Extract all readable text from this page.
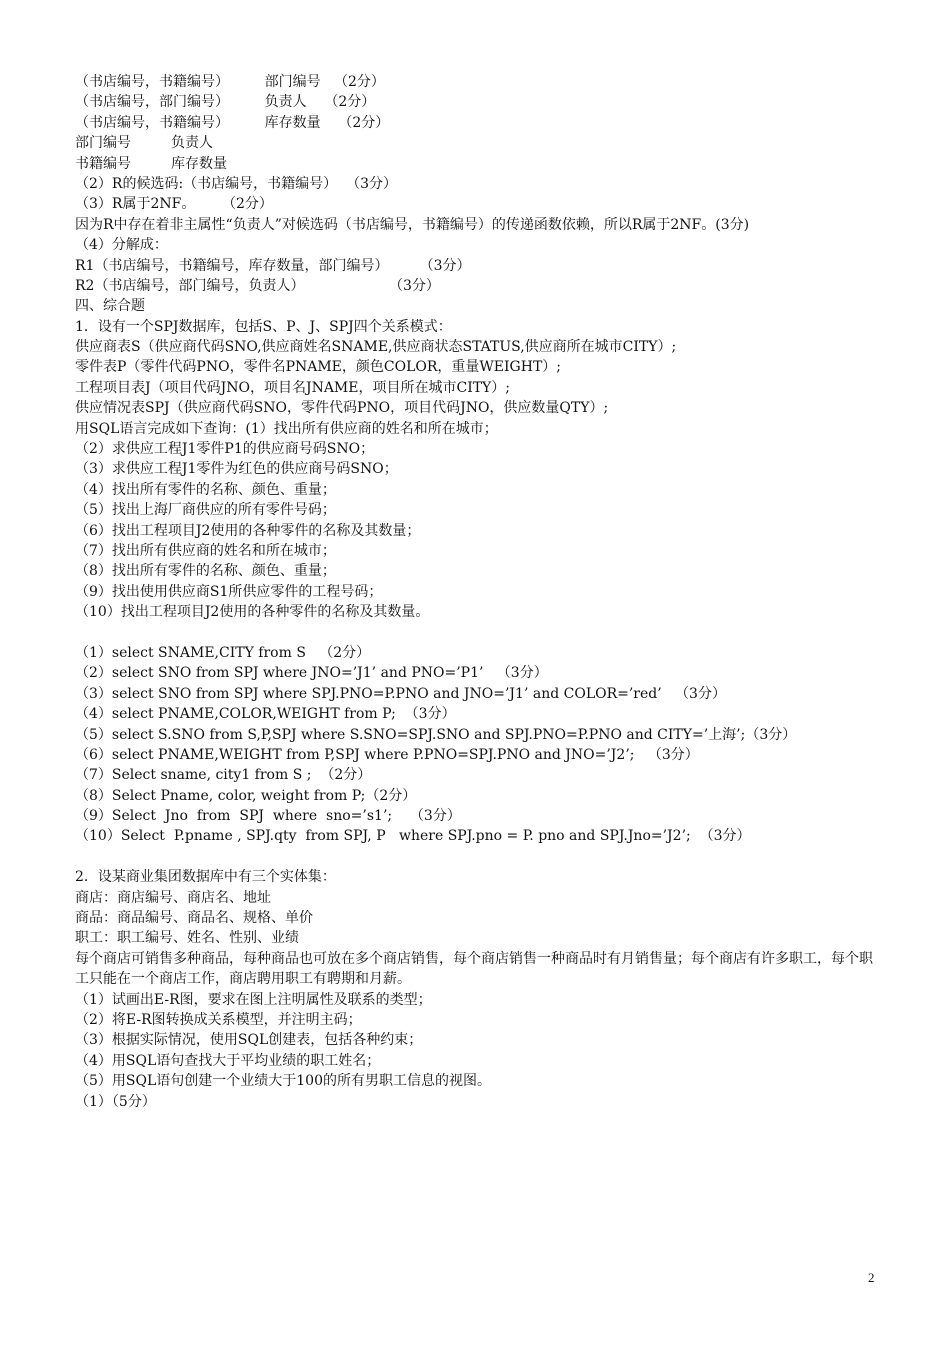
（书店编号，书籍编号）        部门编号   （2分）
（书店编号，部门编号）        负责人    （2分）
（书店编号，书籍编号）        库存数量    （2分）
部门编号         负责人
书籍编号         库存数量
（2）R的候选码:（书店编号，书籍编号）  （3分）
（3）R属于2NF。      （2分）
因为R中存在着非主属性“负责人”对候选码（书店编号，书籍编号）的传递函数依赖，所以R属于2NF。(3分)
（4）分解成：
R1（书店编号，书籍编号，库存数量，部门编号）       （3分）
R2（书店编号，部门编号，负责人）                   （3分）
四、综合题
1．设有一个SPJ数据库，包括S、P、J、SPJ四个关系模式：
供应商表S（供应商代码SNO,供应商姓名SNAME,供应商状态STATUS,供应商所在城市CITY）;
零件表P（零件代码PNO，零件名PNAME，颜色COLOR，重量WEIGHT）;
工程项目表J（项目代码JNO，项目名JNAME，项目所在城市CITY）;
供应情况表SPJ（供应商代码SNO，零件代码PNO，项目代码JNO，供应数量QTY）;
用SQL语言完成如下查询：(1）找出所有供应商的姓名和所在城市；
（2）求供应工程J1零件P1的供应商号码SNO；
（3）求供应工程J1零件为红色的供应商号码SNO；
（4）找出所有零件的名称、颜色、重量；
（5）找出上海厂商供应的所有零件号码；
（6）找出工程项目J2使用的各种零件的名称及其数量；
（7）找出所有供应商的姓名和所在城市；
（8）找出所有零件的名称、颜色、重量；
（9）找出使用供应商S1所供应零件的工程号码；
（10）找出工程项目J2使用的各种零件的名称及其数量。
（1）select SNAME,CITY from S   （2分）
（2）select SNO from SPJ where JNO=’J1’ and PNO=’P1’   （3分）
（3）select SNO from SPJ where SPJ.PNO=P.PNO and JNO=’J1’ and COLOR=’red’   （3分）
（4）select PNAME,COLOR,WEIGHT from P;  （3分）
（5）select S.SNO from S,P,SPJ where S.SNO=SPJ.SNO and SPJ.PNO=P.PNO and CITY=’上海’;（3分）
（6）select PNAME,WEIGHT from P,SPJ where P.PNO=SPJ.PNO and JNO=’J2’;   （3分）
（7）Select sname, city1 from S ;  （2分）
（8）Select Pname, color, weight from P;（2分）
（9）Select  Jno  from  SPJ  where  sno=’s1’;    （3分）
（10）Select  P.pname , SPJ.qty  from SPJ, P   where SPJ.pno = P. pno and SPJ.Jno=’J2’;  （3分）
2．设某商业集团数据库中有三个实体集：
商店：商店编号、商店名、地址
商品：商品编号、商品名、规格、单价
职工：职工编号、姓名、性别、业绩
每个商店可销售多种商品，每种商品也可放在多个商店销售，每个商店销售一种商品时有月销售量；每个商店有许多职工，每个职工只能在一个商店工作，商店聘用职工有聘期和月薪。
（1）试画出E-R图，要求在图上注明属性及联系的类型；
（2）将E-R图转换成关系模型，并注明主码；
（3）根据实际情况，使用SQL创建表，包括各种约束；
（4）用SQL语句查找大于平均业绩的职工姓名；
（5）用SQL语句创建一个业绩大于100的所有男职工信息的视图。
（1）（5分）
2
